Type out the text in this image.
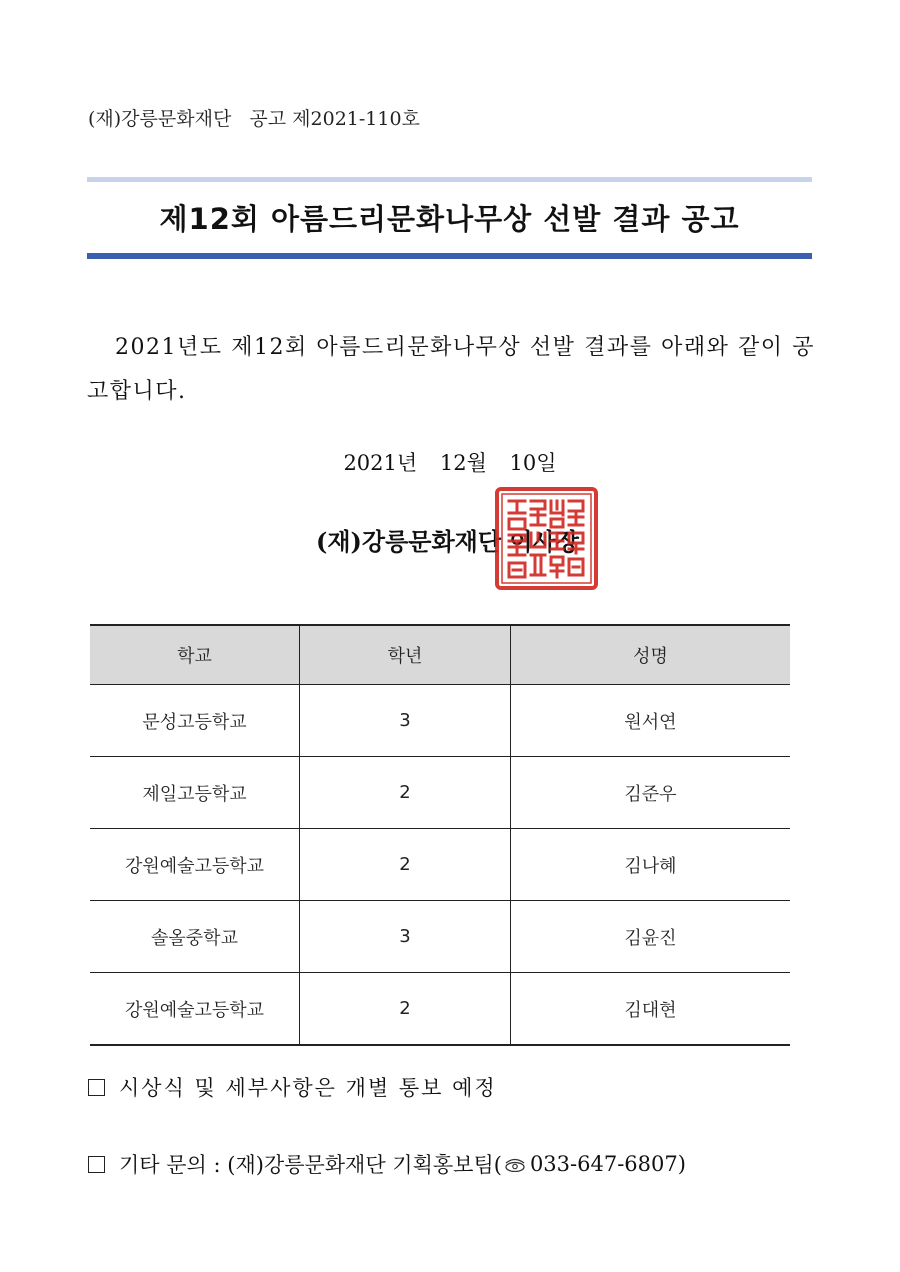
(재)강릉문화재단   공고 제2021-110호
제12회 아름드리문화나무상 선발 결과 공고
2021년도 제12회 아름드리문화나무상 선발 결과를 아래와 같이 공고합니다.
2021년 12월 10일
(재)강릉문화재단 이사장
학교	학년	성명
문성고등학교	3	원서연
제일고등학교	2	김준우
강원예술고등학교	2	김나혜
솔올중학교	3	김윤진
강원예술고등학교	2	김대현
시상식 및 세부사항은 개별 통보 예정
기타 문의 : (재)강릉문화재단 기획홍보팀( 033-647-6807)
